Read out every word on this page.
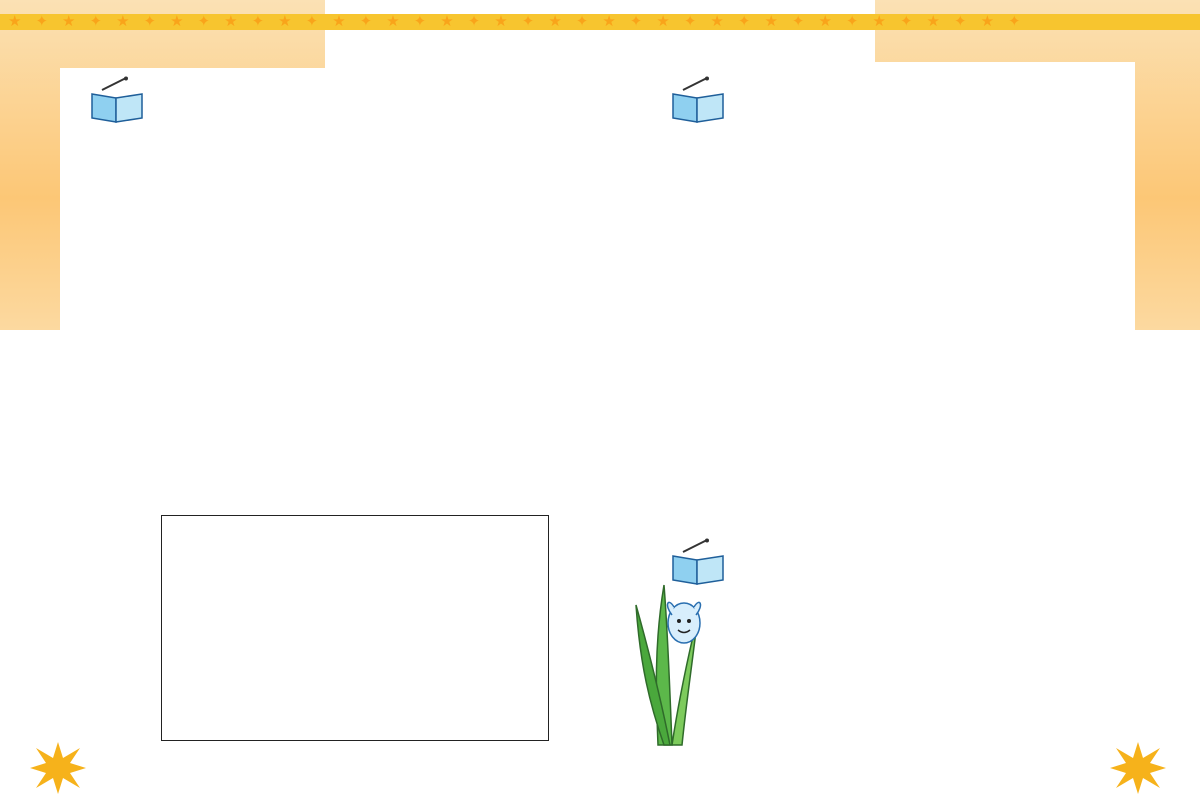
★ ✦ ★ ✦ ★ ✦ ★ ✦ ★ ✦ ★ ✦ ★ ✦ ★ ✦ ★ ✦ ★ ✦ ★ ✦ ★ ✦ ★ ✦ ★ ✦ ★ ✦ ★ ✦ ★ ✦ ★ ✦ ★ ✦
